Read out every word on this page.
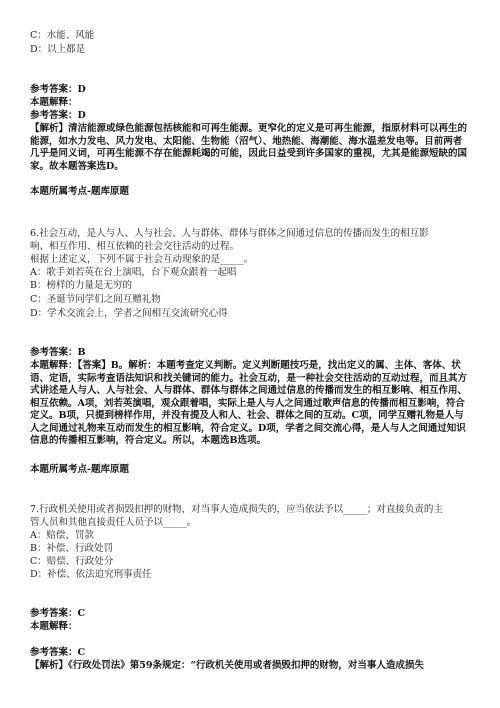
C：水能、风能
D：以上都是
参考答案：D
本题解释：
参考答案：D
【解析】清洁能源或绿色能源包括核能和可再生能源。更窄化的定义是可再生能源，指原材料可以再生的能源，如水力发电、风力发电、太阳能、生物能（沼气）、地热能、海潮能、海水温差发电等。目前两者几乎是同义词，可再生能源不存在能源耗竭的可能，因此日益受到许多国家的重视，尤其是能源短缺的国家。故本题答案选D。
本题所属考点-题库原题
6.社会互动，是人与人、人与社会、人与群体、群体与群体之间通过信息的传播而发生的相互影
响、相互作用、相互依赖的社会交往活动的过程。
根据上述定义，下列不属于社会互动现象的是_____。
A：歌手刘若英在台上演唱，台下观众跟着一起唱
B：榜样的力量是无穷的
C：圣诞节同学们之间互赠礼物
D：学术交流会上，学者之间相互交流研究心得
参考答案：B
本题解释：【答案】B。解析：本题考查定义判断。定义判断题技巧是，找出定义的属、主体、客体、状语、定语，实际考查语法知识和找关键词的能力。社会互动，是一种社会交往活动的互动过程，而且其方式讲述是人与人、人与社会、人与群体、群体与群体之间通过信息的传播而发生的相互影响、相互作用、相互依赖。A项，刘若英演唱，观众跟着唱，实际上是人与人之间通过歌声信息的传播而相互影响，符合定义。B项，只提到榜样作用，并没有提及人和人、社会、群体之间的互动。C项，同学互赠礼物是人与人之间通过礼物来互动而发生的相互影响，符合定义。D项，学者之间交流心得，是人与人之间通过知识信息的传播相互影响，符合定义。所以，本题选B选项。
本题所属考点-题库原题
7.行政机关使用或者损毁扣押的财物，对当事人造成损失的，应当依法予以_____；对直接负责的主
管人员和其他直接责任人员予以_____。
A：赔偿、罚款
B：补偿、行政处罚
C：赔偿、行政处分
D：补偿、依法追究刑事责任
参考答案：C
本题解释：
参考答案：C
【解析】《行政处罚法》第59条规定：“行政机关使用或者损毁扣押的财物，对当事人造成损失
